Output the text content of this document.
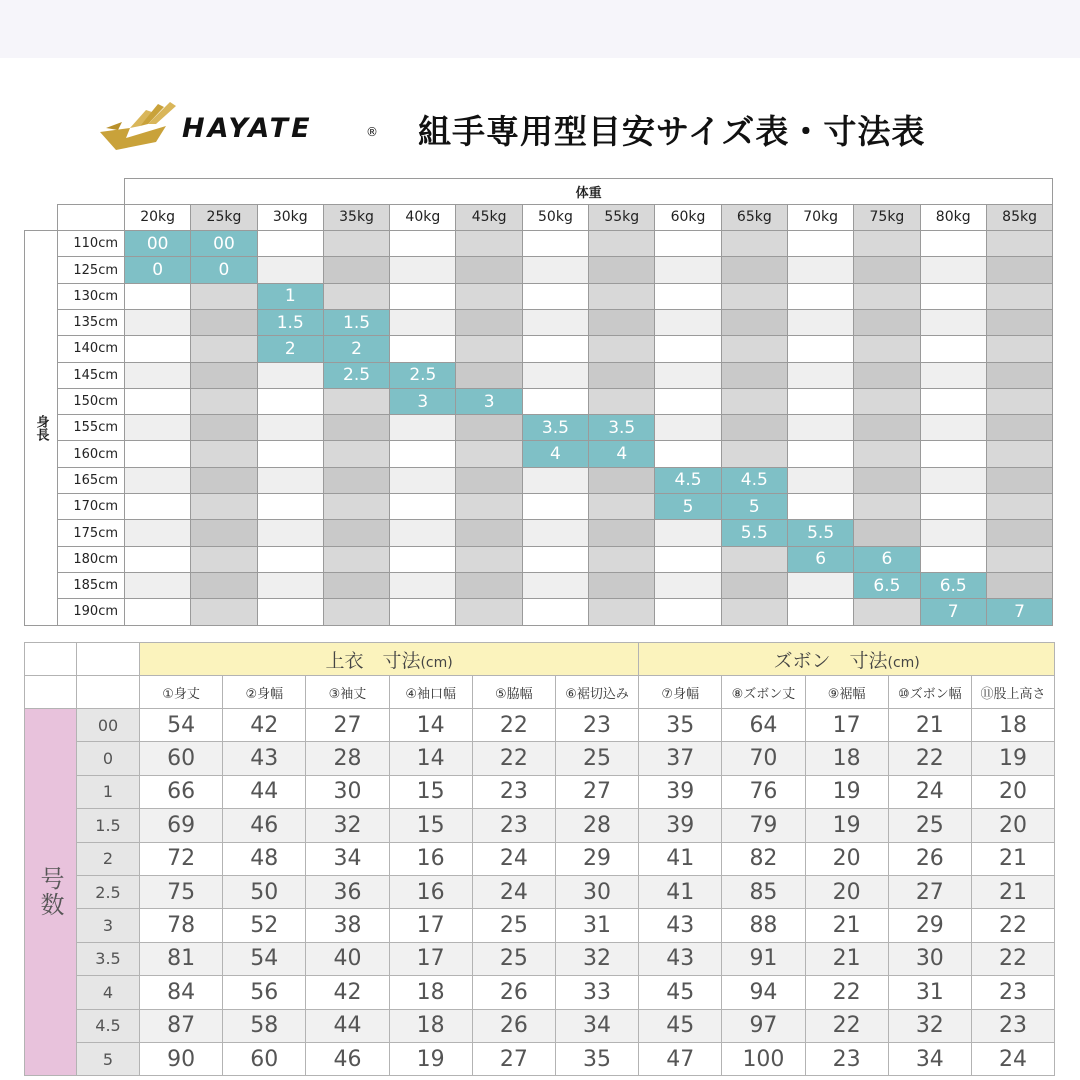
HAYATE	® 組手専用型目安サイズ表・寸法表
		体重													
		20kg	25kg	30kg	35kg	40kg	45kg	50kg	55kg	60kg	65kg	70kg	75kg	80kg	85kg
身長	110cm	00	00												
	125cm	0	0												
	130cm			1											
	135cm			1.5	1.5										
	140cm			2	2										
	145cm				2.5	2.5									
	150cm					3	3								
	155cm							3.5	3.5						
	160cm							4	4						
	165cm									4.5	4.5				
	170cm									5	5				
	175cm										5.5	5.5			
	180cm											6	6		
	185cm												6.5	6.5	
	190cm													7	7
		上衣　寸法(cm)						ズボン　寸法(cm)				
		①身丈	②身幅	③袖丈	④袖口幅	⑤脇幅	⑥裾切込み	⑦身幅	⑧ズボン丈	⑨裾幅	⑩ズボン幅	⑪股上高さ
号数	00	54	42	27	14	22	23	35	64	17	21	18
	0	60	43	28	14	22	25	37	70	18	22	19
	1	66	44	30	15	23	27	39	76	19	24	20
	1.5	69	46	32	15	23	28	39	79	19	25	20
	2	72	48	34	16	24	29	41	82	20	26	21
	2.5	75	50	36	16	24	30	41	85	20	27	21
	3	78	52	38	17	25	31	43	88	21	29	22
	3.5	81	54	40	17	25	32	43	91	21	30	22
	4	84	56	42	18	26	33	45	94	22	31	23
	4.5	87	58	44	18	26	34	45	97	22	32	23
	5	90	60	46	19	27	35	47	100	23	34	24
